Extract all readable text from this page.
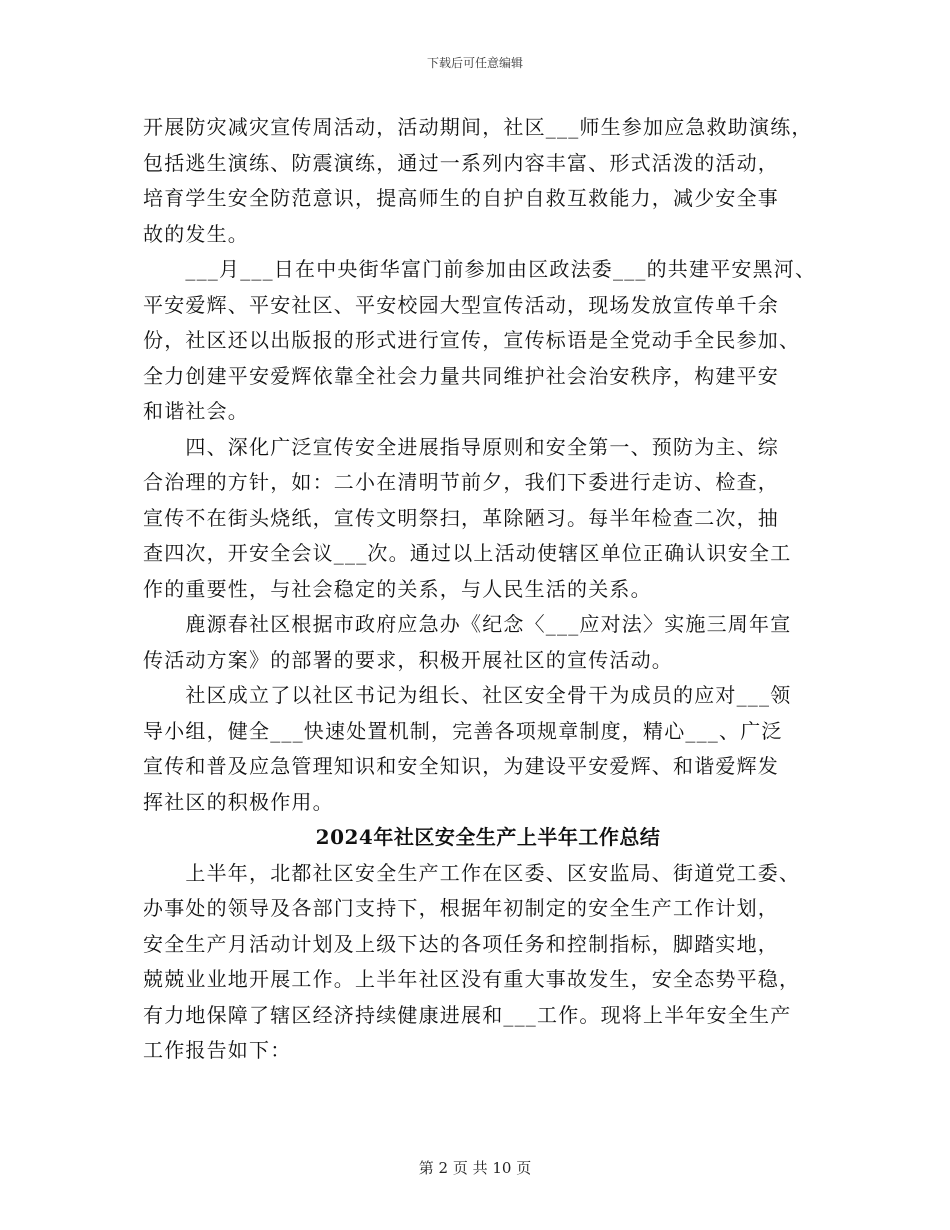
下载后可任意编辑

开展防灾减灾宣传周活动，活动期间，社区___师生参加应急救助演练，
包括逃生演练、防震演练，通过一系列内容丰富、形式活泼的活动，
培育学生安全防范意识，提高师生的自护自救互救能力，减少安全事
故的发生。

　　___月___日在中央街华富门前参加由区政法委___的共建平安黑河、
平安爱辉、平安社区、平安校园大型宣传活动，现场发放宣传单千余
份，社区还以出版报的形式进行宣传，宣传标语是全党动手全民参加、
全力创建平安爱辉依靠全社会力量共同维护社会治安秩序，构建平安
和谐社会。

　　四、深化广泛宣传安全进展指导原则和安全第一、预防为主、综
合治理的方针，如：二小在清明节前夕，我们下委进行走访、检查，
宣传不在街头烧纸，宣传文明祭扫，革除陋习。每半年检查二次，抽
查四次，开安全会议___次。通过以上活动使辖区单位正确认识安全工
作的重要性，与社会稳定的关系，与人民生活的关系。

　　鹿源春社区根据市政府应急办《纪念〈___应对法〉实施三周年宣
传活动方案》的部署的要求，积极开展社区的宣传活动。

　　社区成立了以社区书记为组长、社区安全骨干为成员的应对___领
导小组，健全___快速处置机制，完善各项规章制度，精心___、广泛
宣传和普及应急管理知识和安全知识，为建设平安爱辉、和谐爱辉发
挥社区的积极作用。

2024年社区安全生产上半年工作总结

　　上半年，北都社区安全生产工作在区委、区安监局、街道党工委、
办事处的领导及各部门支持下，根据年初制定的安全生产工作计划，
安全生产月活动计划及上级下达的各项任务和控制指标，脚踏实地，
兢兢业业地开展工作。上半年社区没有重大事故发生，安全态势平稳，
有力地保障了辖区经济持续健康进展和___工作。现将上半年安全生产
工作报告如下：

第 2 页 共 10 页
